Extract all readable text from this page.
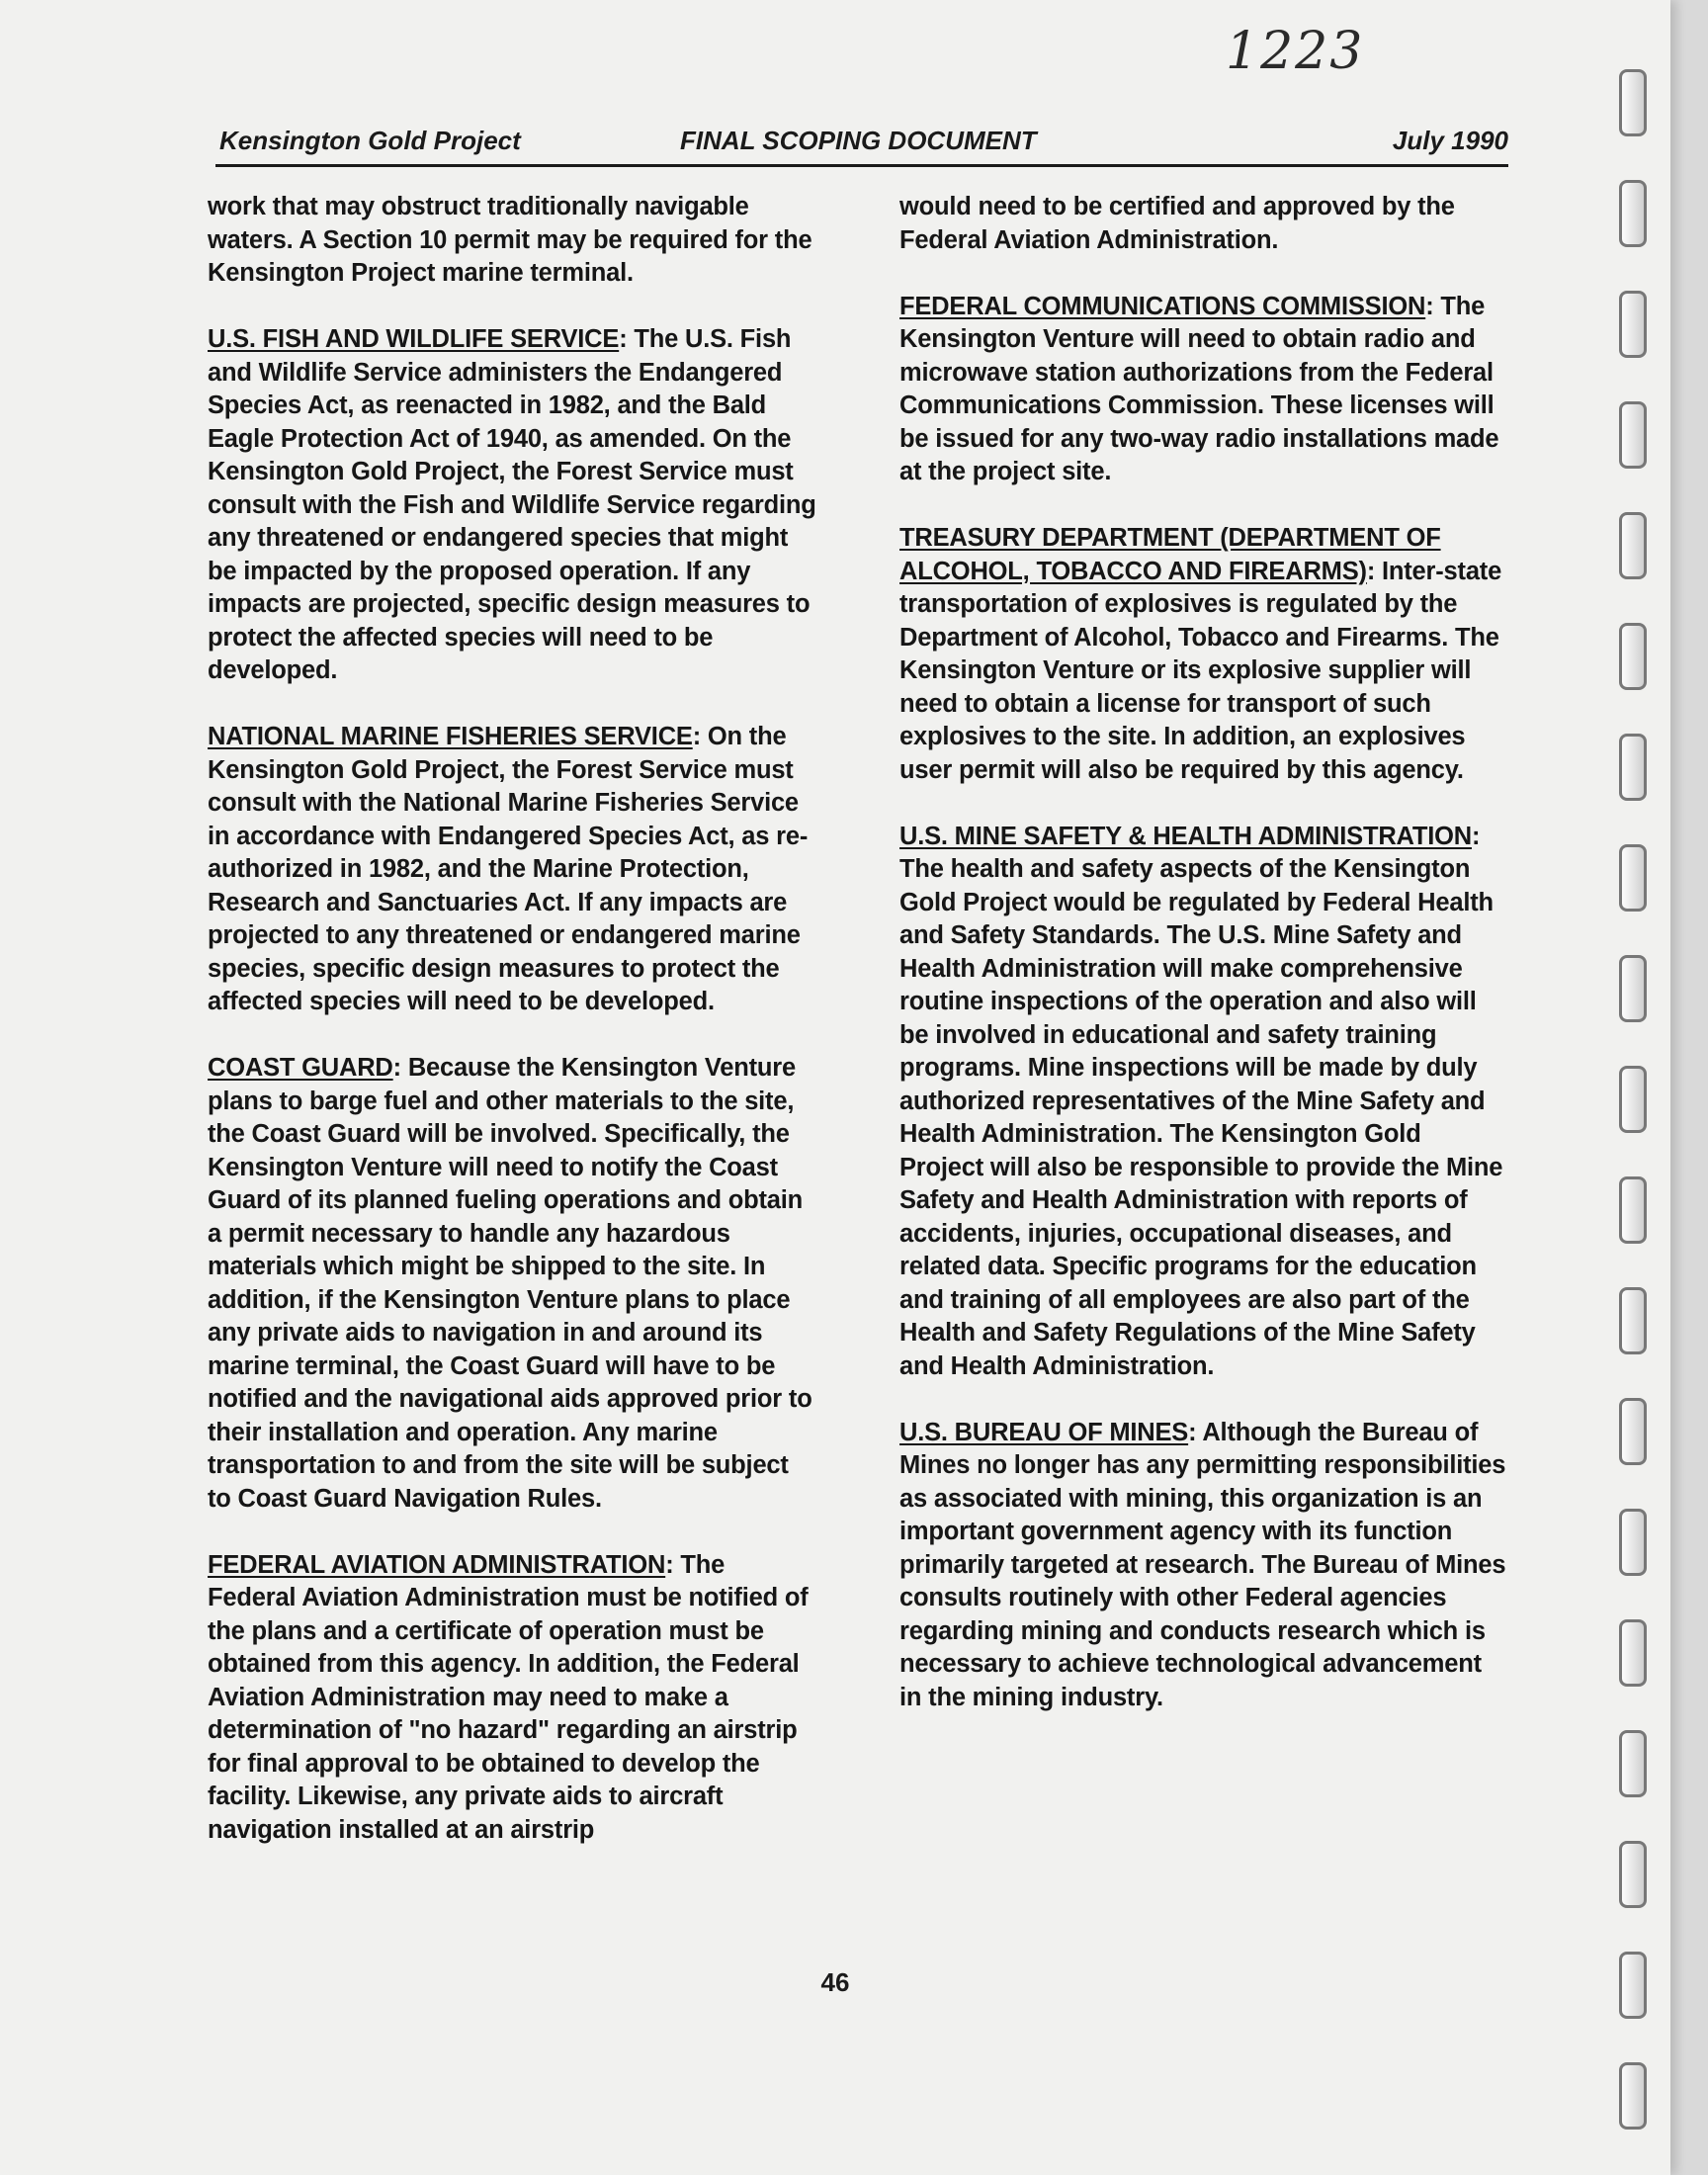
1223
Kensington Gold Project	FINAL SCOPING DOCUMENT	July 1990

work that may obstruct traditionally navigable waters. A Section 10 permit may be required for the Kensington Project marine terminal.

U.S. FISH AND WILDLIFE SERVICE: The U.S. Fish and Wildlife Service administers the Endangered Species Act, as reenacted in 1982, and the Bald Eagle Protection Act of 1940, as amended. On the Kensington Gold Project, the Forest Service must consult with the Fish and Wildlife Service regarding any threatened or endangered species that might be impacted by the proposed operation. If any impacts are projected, specific design measures to protect the affected species will need to be developed.

NATIONAL MARINE FISHERIES SERVICE: On the Kensington Gold Project, the Forest Service must consult with the National Marine Fisheries Service in accordance with Endangered Species Act, as re-authorized in 1982, and the Marine Protection, Research and Sanctuaries Act. If any impacts are projected to any threatened or endangered marine species, specific design measures to protect the affected species will need to be developed.

COAST GUARD: Because the Kensington Venture plans to barge fuel and other materials to the site, the Coast Guard will be involved. Specifically, the Kensington Venture will need to notify the Coast Guard of its planned fueling operations and obtain a permit necessary to handle any hazardous materials which might be shipped to the site. In addition, if the Kensington Venture plans to place any private aids to navigation in and around its marine terminal, the Coast Guard will have to be notified and the navigational aids approved prior to their installation and operation. Any marine transportation to and from the site will be subject to Coast Guard Navigation Rules.

FEDERAL AVIATION ADMINISTRATION: The Federal Aviation Administration must be notified of the plans and a certificate of operation must be obtained from this agency. In addition, the Federal Aviation Administration may need to make a determination of "no hazard" regarding an airstrip for final approval to be obtained to develop the facility. Likewise, any private aids to aircraft navigation installed at an airstrip

would need to be certified and approved by the Federal Aviation Administration.

FEDERAL COMMUNICATIONS COMMISSION: The Kensington Venture will need to obtain radio and microwave station authorizations from the Federal Communications Commission. These licenses will be issued for any two-way radio installations made at the project site.

TREASURY DEPARTMENT (DEPARTMENT OF ALCOHOL, TOBACCO AND FIREARMS): Inter-state transportation of explosives is regulated by the Department of Alcohol, Tobacco and Firearms. The Kensington Venture or its explosive supplier will need to obtain a license for transport of such explosives to the site. In addition, an explosives user permit will also be required by this agency.

U.S. MINE SAFETY & HEALTH ADMINISTRATION: The health and safety aspects of the Kensington Gold Project would be regulated by Federal Health and Safety Standards. The U.S. Mine Safety and Health Administration will make comprehensive routine inspections of the operation and also will be involved in educational and safety training programs. Mine inspections will be made by duly authorized representatives of the Mine Safety and Health Administration. The Kensington Gold Project will also be responsible to provide the Mine Safety and Health Administration with reports of accidents, injuries, occupational diseases, and related data. Specific programs for the education and training of all employees are also part of the Health and Safety Regulations of the Mine Safety and Health Administration.

U.S. BUREAU OF MINES: Although the Bureau of Mines no longer has any permitting responsibilities as associated with mining, this organization is an important government agency with its function primarily targeted at research. The Bureau of Mines consults routinely with other Federal agencies regarding mining and conducts research which is necessary to achieve technological advancement in the mining industry.

46
